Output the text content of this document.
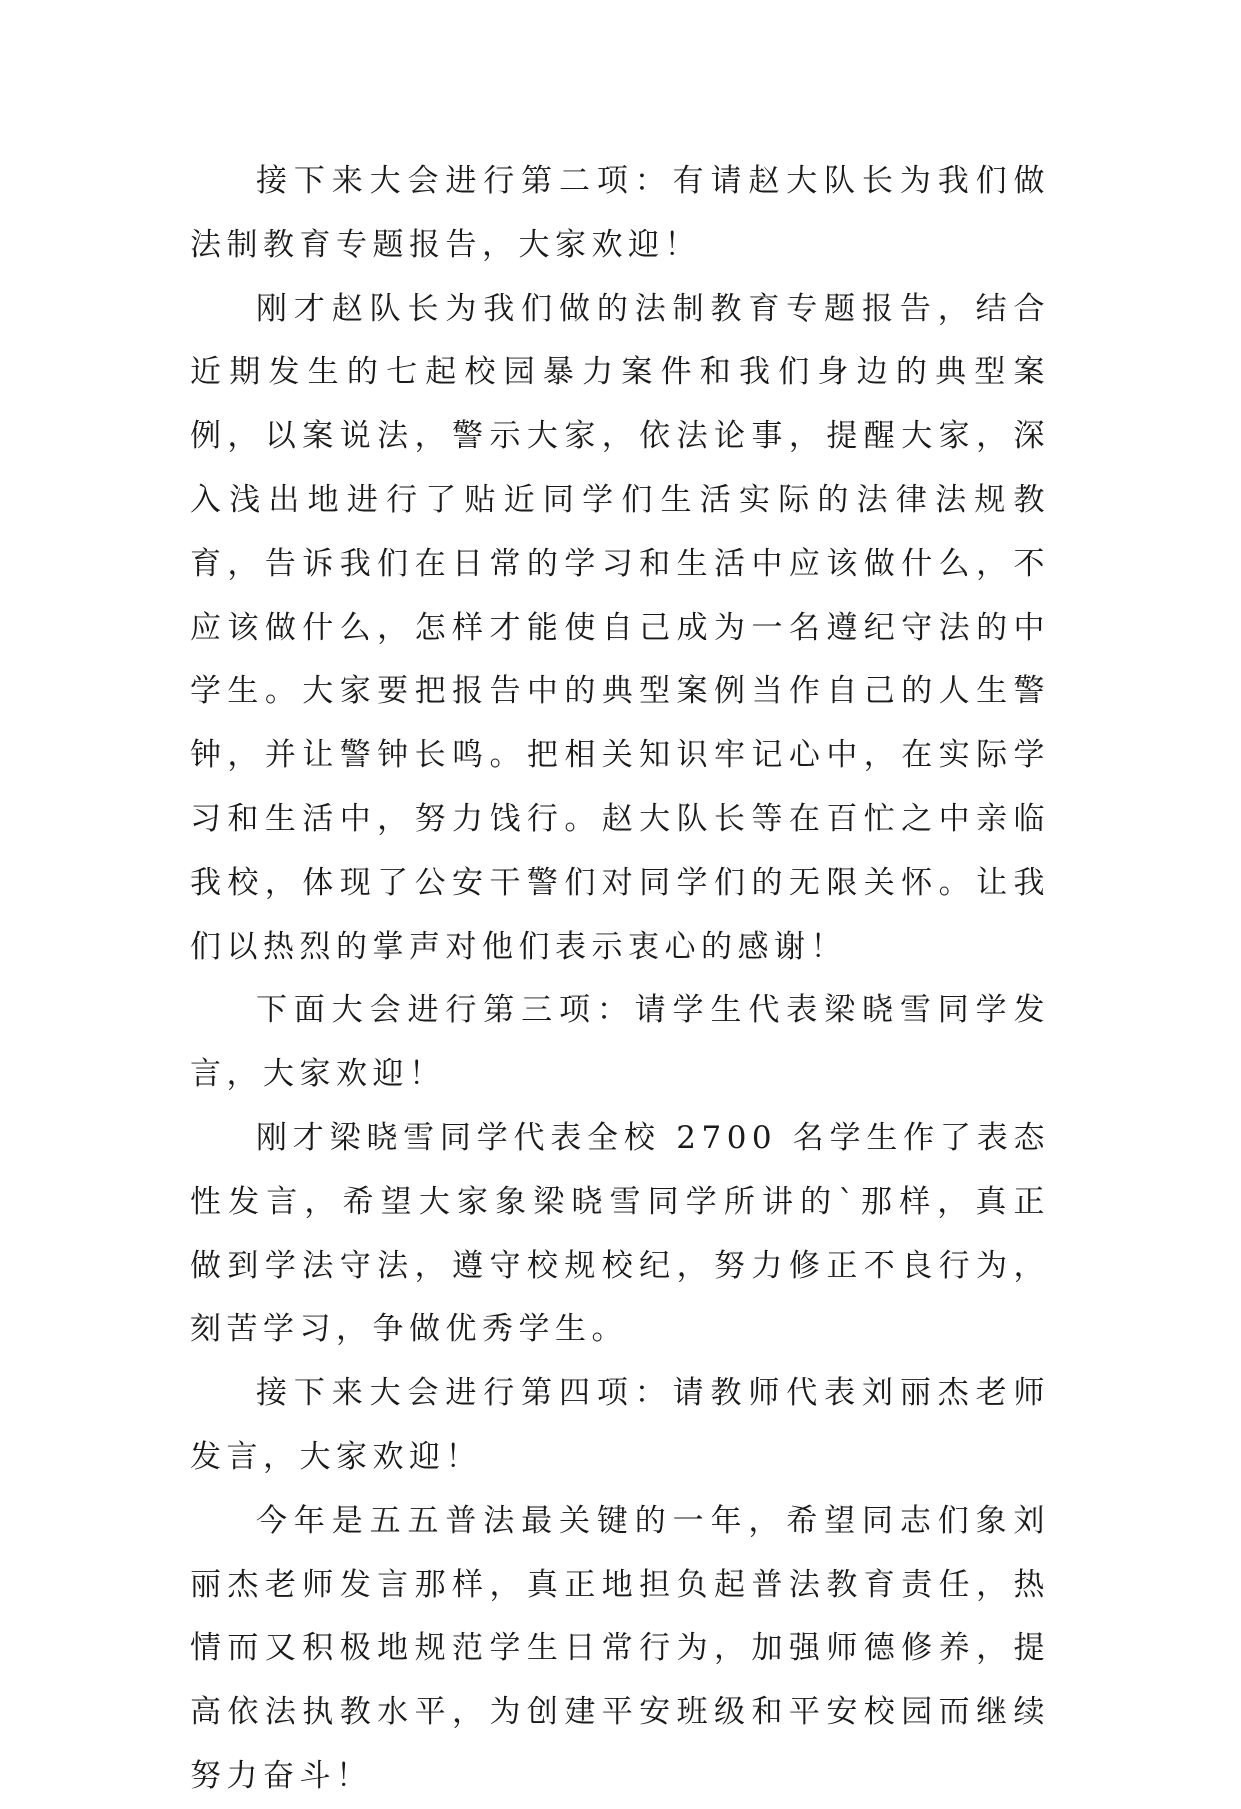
接下来大会进行第二项：有请赵大队长为我们做法制教育专题报告，大家欢迎！

刚才赵队长为我们做的法制教育专题报告，结合近期发生的七起校园暴力案件和我们身边的典型案例，以案说法，警示大家，依法论事，提醒大家，深入浅出地进行了贴近同学们生活实际的法律法规教育，告诉我们在日常的学习和生活中应该做什么，不应该做什么，怎样才能使自己成为一名遵纪守法的中学生。大家要把报告中的典型案例当作自己的人生警钟，并让警钟长鸣。把相关知识牢记心中，在实际学习和生活中，努力饯行。赵大队长等在百忙之中亲临我校，体现了公安干警们对同学们的无限关怀。让我们以热烈的掌声对他们表示衷心的感谢！

下面大会进行第三项：请学生代表梁晓雪同学发言，大家欢迎！

刚才梁晓雪同学代表全校 2700 名学生作了表态性发言，希望大家象梁晓雪同学所讲的`那样，真正做到学法守法，遵守校规校纪，努力修正不良行为，刻苦学习，争做优秀学生。

接下来大会进行第四项：请教师代表刘丽杰老师发言，大家欢迎！

今年是五五普法最关键的一年，希望同志们象刘丽杰老师发言那样，真正地担负起普法教育责任，热情而又积极地规范学生日常行为，加强师德修养，提高依法执教水平，为创建平安班级和平安校园而继续努力奋斗！
